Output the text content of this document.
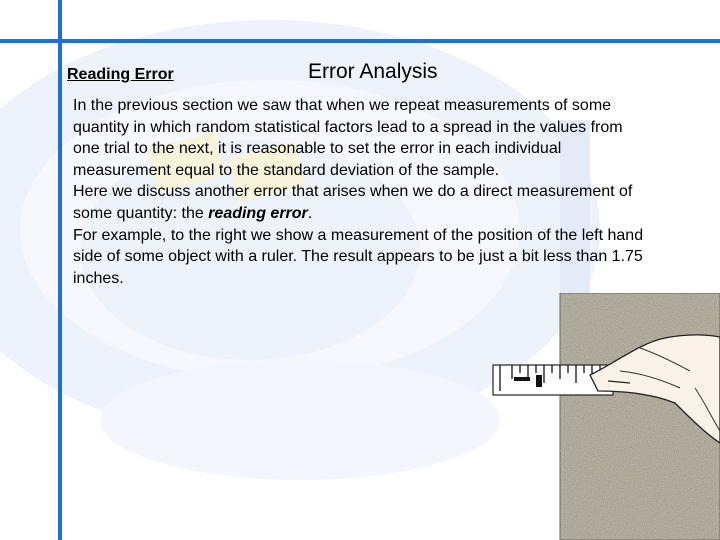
Reading Error	Error Analysis

In the previous section we saw that when we repeat measurements of some quantity in which random statistical factors lead to a spread in the values from one trial to the next, it is reasonable to set the error in each individual measurement equal to the standard deviation of the sample.

Here we discuss another error that arises when we do a direct measurement of some quantity: the reading error.

For example, to the right we show a measurement of the position of the left hand side of some object with a ruler. The result appears to be just a bit less than 1.75 inches.
